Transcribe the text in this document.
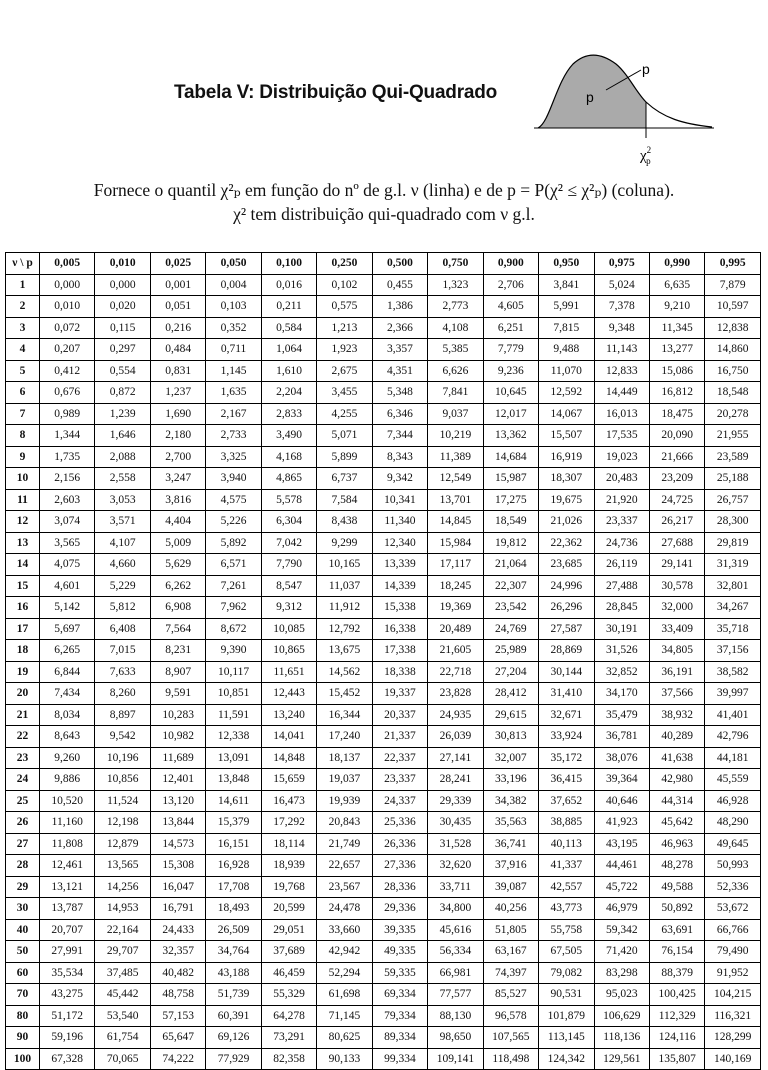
Tabela V: Distribuição Qui-Quadrado
p
p
$\chi^2$ p
Fornece o quantil χ²ₚ em função do nº de g.l. ν (linha) e de p = P(χ² ≤ χ²ₚ) (coluna).
χ² tem distribuição qui-quadrado com ν g.l.
ν \ p	0,005	0,010	0,025	0,050	0,100	0,250	0,500	0,750	0,900	0,950	0,975	0,990	0,995
1	0,000	0,000	0,001	0,004	0,016	0,102	0,455	1,323	2,706	3,841	5,024	6,635	7,879
2	0,010	0,020	0,051	0,103	0,211	0,575	1,386	2,773	4,605	5,991	7,378	9,210	10,597
3	0,072	0,115	0,216	0,352	0,584	1,213	2,366	4,108	6,251	7,815	9,348	11,345	12,838
4	0,207	0,297	0,484	0,711	1,064	1,923	3,357	5,385	7,779	9,488	11,143	13,277	14,860
5	0,412	0,554	0,831	1,145	1,610	2,675	4,351	6,626	9,236	11,070	12,833	15,086	16,750
6	0,676	0,872	1,237	1,635	2,204	3,455	5,348	7,841	10,645	12,592	14,449	16,812	18,548
7	0,989	1,239	1,690	2,167	2,833	4,255	6,346	9,037	12,017	14,067	16,013	18,475	20,278
8	1,344	1,646	2,180	2,733	3,490	5,071	7,344	10,219	13,362	15,507	17,535	20,090	21,955
9	1,735	2,088	2,700	3,325	4,168	5,899	8,343	11,389	14,684	16,919	19,023	21,666	23,589
10	2,156	2,558	3,247	3,940	4,865	6,737	9,342	12,549	15,987	18,307	20,483	23,209	25,188
11	2,603	3,053	3,816	4,575	5,578	7,584	10,341	13,701	17,275	19,675	21,920	24,725	26,757
12	3,074	3,571	4,404	5,226	6,304	8,438	11,340	14,845	18,549	21,026	23,337	26,217	28,300
13	3,565	4,107	5,009	5,892	7,042	9,299	12,340	15,984	19,812	22,362	24,736	27,688	29,819
14	4,075	4,660	5,629	6,571	7,790	10,165	13,339	17,117	21,064	23,685	26,119	29,141	31,319
15	4,601	5,229	6,262	7,261	8,547	11,037	14,339	18,245	22,307	24,996	27,488	30,578	32,801
16	5,142	5,812	6,908	7,962	9,312	11,912	15,338	19,369	23,542	26,296	28,845	32,000	34,267
17	5,697	6,408	7,564	8,672	10,085	12,792	16,338	20,489	24,769	27,587	30,191	33,409	35,718
18	6,265	7,015	8,231	9,390	10,865	13,675	17,338	21,605	25,989	28,869	31,526	34,805	37,156
19	6,844	7,633	8,907	10,117	11,651	14,562	18,338	22,718	27,204	30,144	32,852	36,191	38,582
20	7,434	8,260	9,591	10,851	12,443	15,452	19,337	23,828	28,412	31,410	34,170	37,566	39,997
21	8,034	8,897	10,283	11,591	13,240	16,344	20,337	24,935	29,615	32,671	35,479	38,932	41,401
22	8,643	9,542	10,982	12,338	14,041	17,240	21,337	26,039	30,813	33,924	36,781	40,289	42,796
23	9,260	10,196	11,689	13,091	14,848	18,137	22,337	27,141	32,007	35,172	38,076	41,638	44,181
24	9,886	10,856	12,401	13,848	15,659	19,037	23,337	28,241	33,196	36,415	39,364	42,980	45,559
25	10,520	11,524	13,120	14,611	16,473	19,939	24,337	29,339	34,382	37,652	40,646	44,314	46,928
26	11,160	12,198	13,844	15,379	17,292	20,843	25,336	30,435	35,563	38,885	41,923	45,642	48,290
27	11,808	12,879	14,573	16,151	18,114	21,749	26,336	31,528	36,741	40,113	43,195	46,963	49,645
28	12,461	13,565	15,308	16,928	18,939	22,657	27,336	32,620	37,916	41,337	44,461	48,278	50,993
29	13,121	14,256	16,047	17,708	19,768	23,567	28,336	33,711	39,087	42,557	45,722	49,588	52,336
30	13,787	14,953	16,791	18,493	20,599	24,478	29,336	34,800	40,256	43,773	46,979	50,892	53,672
40	20,707	22,164	24,433	26,509	29,051	33,660	39,335	45,616	51,805	55,758	59,342	63,691	66,766
50	27,991	29,707	32,357	34,764	37,689	42,942	49,335	56,334	63,167	67,505	71,420	76,154	79,490
60	35,534	37,485	40,482	43,188	46,459	52,294	59,335	66,981	74,397	79,082	83,298	88,379	91,952
70	43,275	45,442	48,758	51,739	55,329	61,698	69,334	77,577	85,527	90,531	95,023	100,425	104,215
80	51,172	53,540	57,153	60,391	64,278	71,145	79,334	88,130	96,578	101,879	106,629	112,329	116,321
90	59,196	61,754	65,647	69,126	73,291	80,625	89,334	98,650	107,565	113,145	118,136	124,116	128,299
100	67,328	70,065	74,222	77,929	82,358	90,133	99,334	109,141	118,498	124,342	129,561	135,807	140,169
